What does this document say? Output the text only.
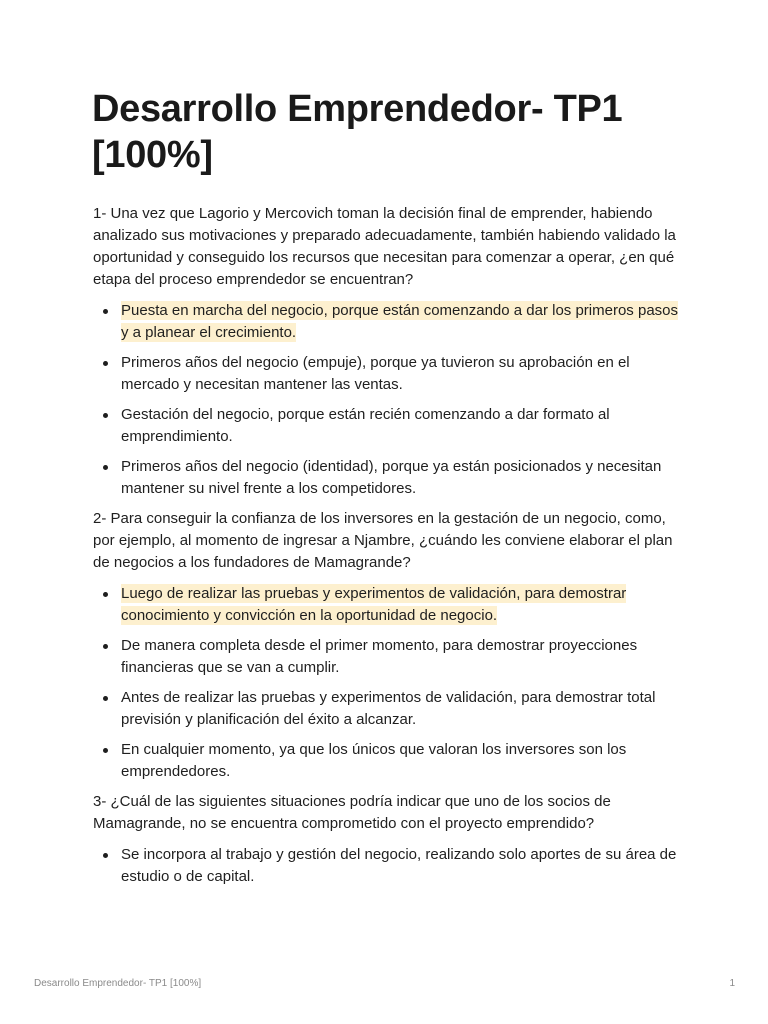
Desarrollo Emprendedor- TP1 [100%]

1- Una vez que Lagorio y Mercovich toman la decisión final de emprender, habiendo analizado sus motivaciones y preparado adecuadamente, también habiendo validado la oportunidad y conseguido los recursos que necesitan para comenzar a operar, ¿en qué etapa del proceso emprendedor se encuentran?

Puesta en marcha del negocio, porque están comenzando a dar los primeros pasos y a planear el crecimiento.
Primeros años del negocio (empuje), porque ya tuvieron su aprobación en el mercado y necesitan mantener las ventas.
Gestación del negocio, porque están recién comenzando a dar formato al emprendimiento.
Primeros años del negocio (identidad), porque ya están posicionados y necesitan mantener su nivel frente a los competidores.

2- Para conseguir la confianza de los inversores en la gestación de un negocio, como, por ejemplo, al momento de ingresar a Njambre, ¿cuándo les conviene elaborar el plan de negocios a los fundadores de Mamagrande?

Luego de realizar las pruebas y experimentos de validación, para demostrar conocimiento y convicción en la oportunidad de negocio.
De manera completa desde el primer momento, para demostrar proyecciones financieras que se van a cumplir.
Antes de realizar las pruebas y experimentos de validación, para demostrar total previsión y planificación del éxito a alcanzar.
En cualquier momento, ya que los únicos que valoran los inversores son los emprendedores.

3- ¿Cuál de las siguientes situaciones podría indicar que uno de los socios de Mamagrande, no se encuentra comprometido con el proyecto emprendido?

Se incorpora al trabajo y gestión del negocio, realizando solo aportes de su área de estudio o de capital.
Desarrollo Emprendedor- TP1 [100%]	1
